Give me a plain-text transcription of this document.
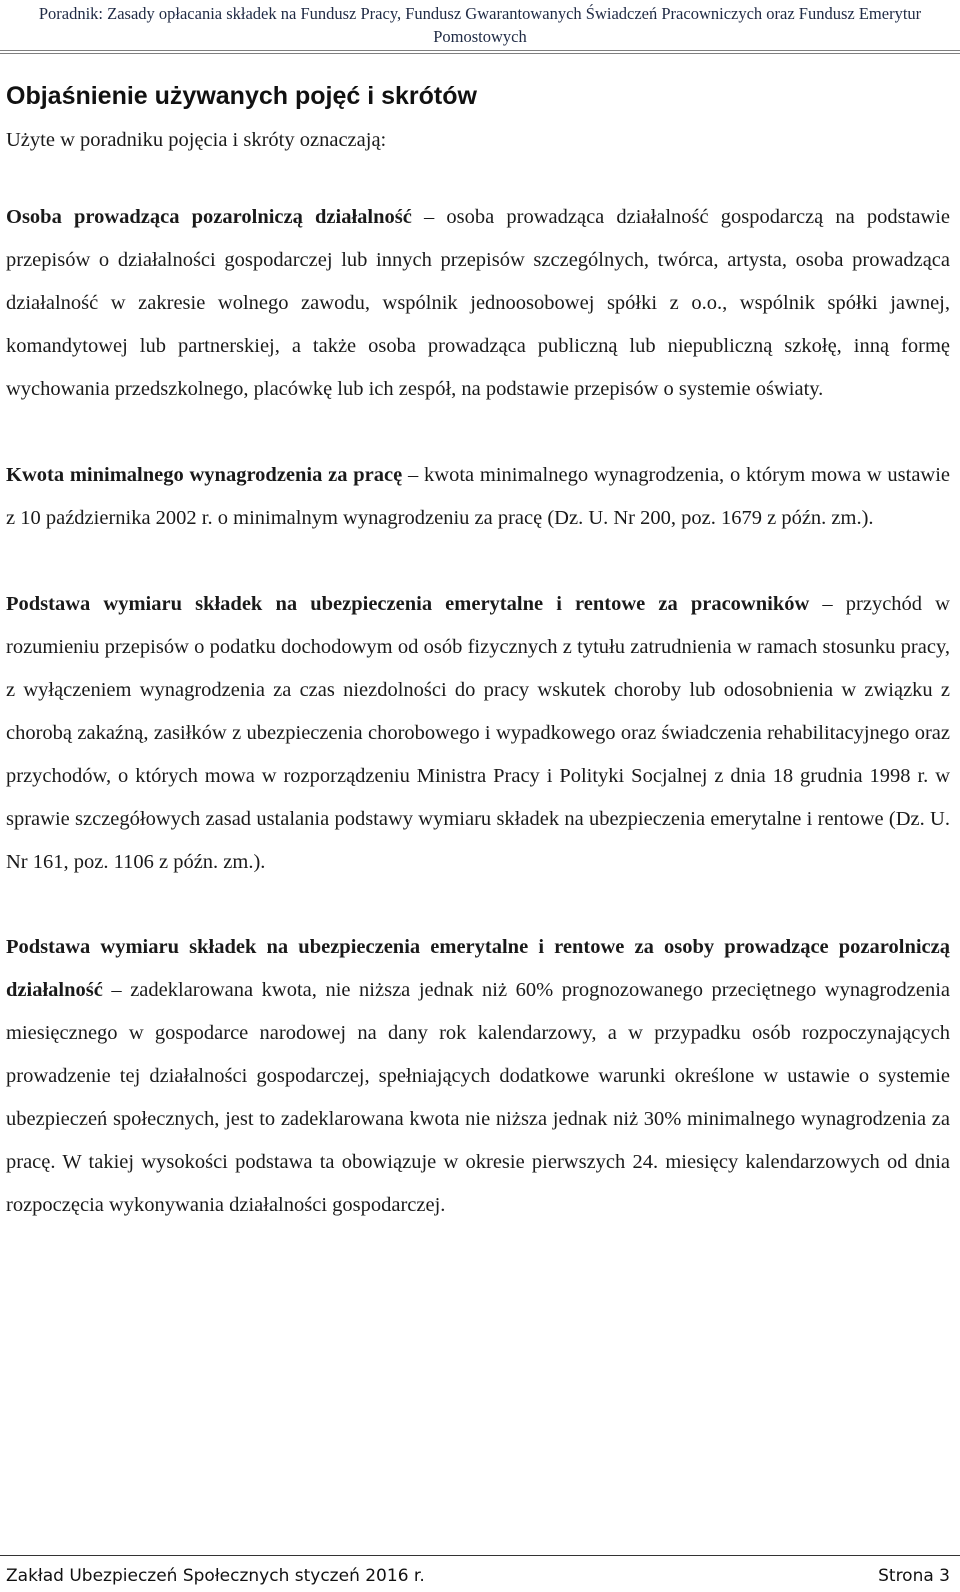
Poradnik: Zasady opłacania składek na Fundusz Pracy, Fundusz Gwarantowanych Świadczeń Pracowniczych oraz Fundusz Emerytur Pomostowych
Objaśnienie używanych pojęć i skrótów

Użyte w poradniku pojęcia i skróty oznaczają:

Osoba prowadząca pozarolniczą działalność – osoba prowadząca działalność gospodarczą na podstawie przepisów o działalności gospodarczej lub innych przepisów szczególnych, twórca, artysta, osoba prowadząca działalność w zakresie wolnego zawodu, wspólnik jednoosobowej spółki z o.o., wspólnik spółki jawnej, komandytowej lub partnerskiej, a także osoba prowadząca publiczną lub niepubliczną szkołę, inną formę wychowania przedszkolnego, placówkę lub ich zespół, na podstawie przepisów o systemie oświaty.

Kwota minimalnego wynagrodzenia za pracę – kwota minimalnego wynagrodzenia, o którym mowa w ustawie z 10 października 2002 r. o minimalnym wynagrodzeniu za pracę (Dz. U. Nr 200, poz. 1679 z późn. zm.).

Podstawa wymiaru składek na ubezpieczenia emerytalne i rentowe za pracowników – przychód w rozumieniu przepisów o podatku dochodowym od osób fizycznych z tytułu zatrudnienia w ramach stosunku pracy, z wyłączeniem wynagrodzenia za czas niezdolności do pracy wskutek choroby lub odosobnienia w związku z chorobą zakaźną, zasiłków z ubezpieczenia chorobowego i wypadkowego oraz świadczenia rehabilitacyjnego oraz przychodów, o których mowa w rozporządzeniu Ministra Pracy i Polityki Socjalnej z dnia 18 grudnia 1998 r. w sprawie szczegółowych zasad ustalania podstawy wymiaru składek na ubezpieczenia emerytalne i rentowe (Dz. U. Nr 161, poz. 1106 z późn. zm.).

Podstawa wymiaru składek na ubezpieczenia emerytalne i rentowe za osoby prowadzące pozarolniczą działalność – zadeklarowana kwota, nie niższa jednak niż 60% prognozowanego przeciętnego wynagrodzenia miesięcznego w gospodarce narodowej na dany rok kalendarzowy, a w przypadku osób rozpoczynających prowadzenie tej działalności gospodarczej, spełniających dodatkowe warunki określone w ustawie o systemie ubezpieczeń społecznych, jest to zadeklarowana kwota nie niższa jednak niż 30% minimalnego wynagrodzenia za pracę. W takiej wysokości podstawa ta obowiązuje w okresie pierwszych 24. miesięcy kalendarzowych od dnia rozpoczęcia wykonywania działalności gospodarczej.

Zakład Ubezpieczeń Społecznych styczeń 2016 r.	Strona 3
